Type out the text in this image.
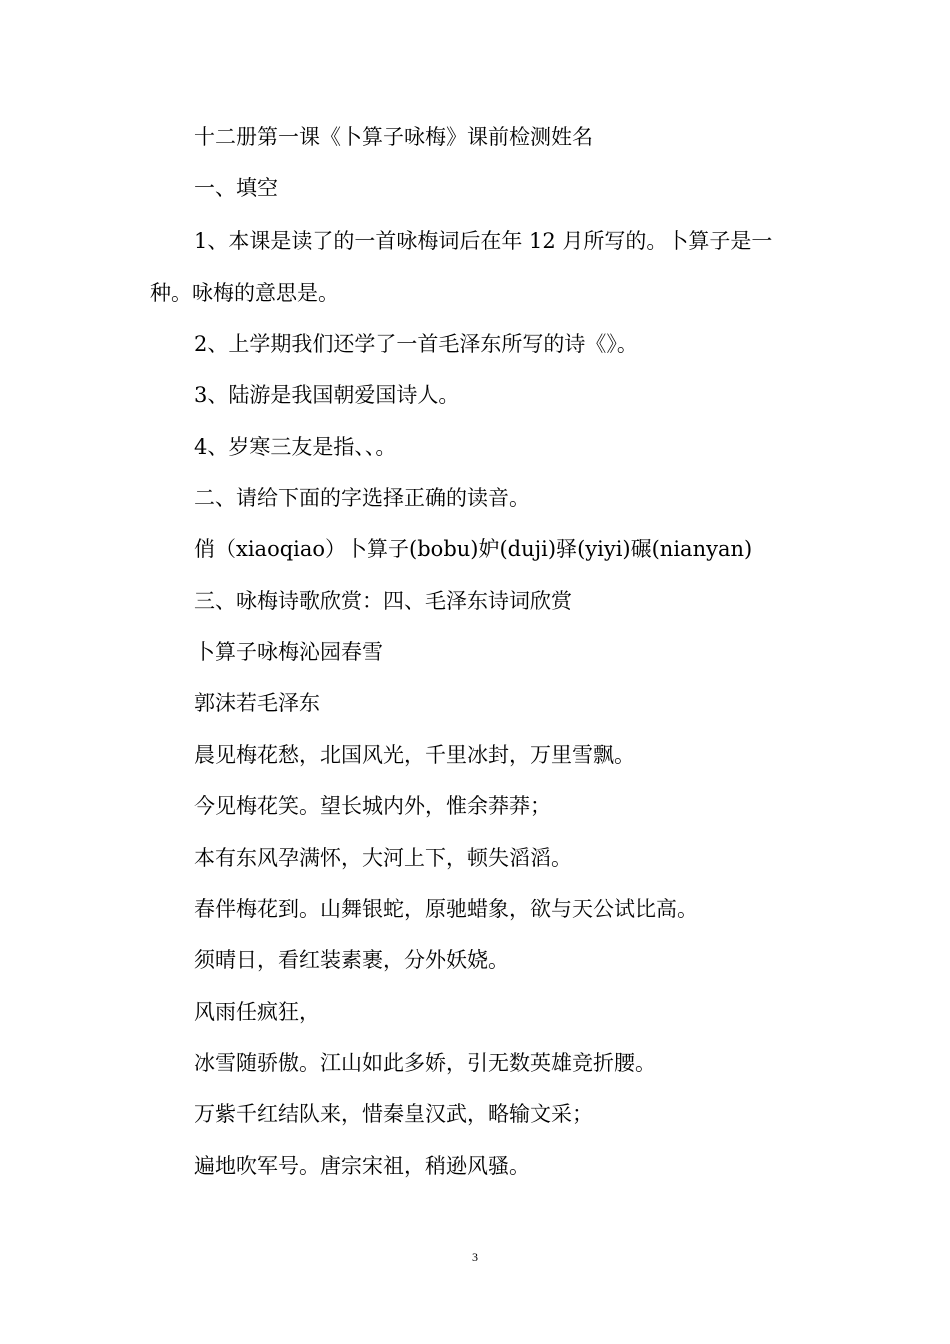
十二册第一课《卜算子咏梅》课前检测姓名
一、填空
1、本课是读了的一首咏梅词后在年 12 月所写的。卜算子是一
种。咏梅的意思是。
2、上学期我们还学了一首毛泽东所写的诗《》。
3、陆游是我国朝爱国诗人。
4、岁寒三友是指、、。
二、请给下面的字选择正确的读音。
俏（xiaoqiao）卜算子(bobu)妒(duji)驿(yiyi)碾(nianyan)
三、咏梅诗歌欣赏：四、毛泽东诗词欣赏
卜算子咏梅沁园春雪
郭沫若毛泽东
晨见梅花愁，北国风光，千里冰封，万里雪飘。
今见梅花笑。望长城内外，惟余莽莽；
本有东风孕满怀，大河上下，顿失滔滔。
春伴梅花到。山舞银蛇，原驰蜡象，欲与天公试比高。
须晴日，看红装素裹，分外妖娆。
风雨任疯狂，
冰雪随骄傲。江山如此多娇，引无数英雄竞折腰。
万紫千红结队来，惜秦皇汉武，略输文采；
遍地吹军号。唐宗宋祖，稍逊风骚。
3
